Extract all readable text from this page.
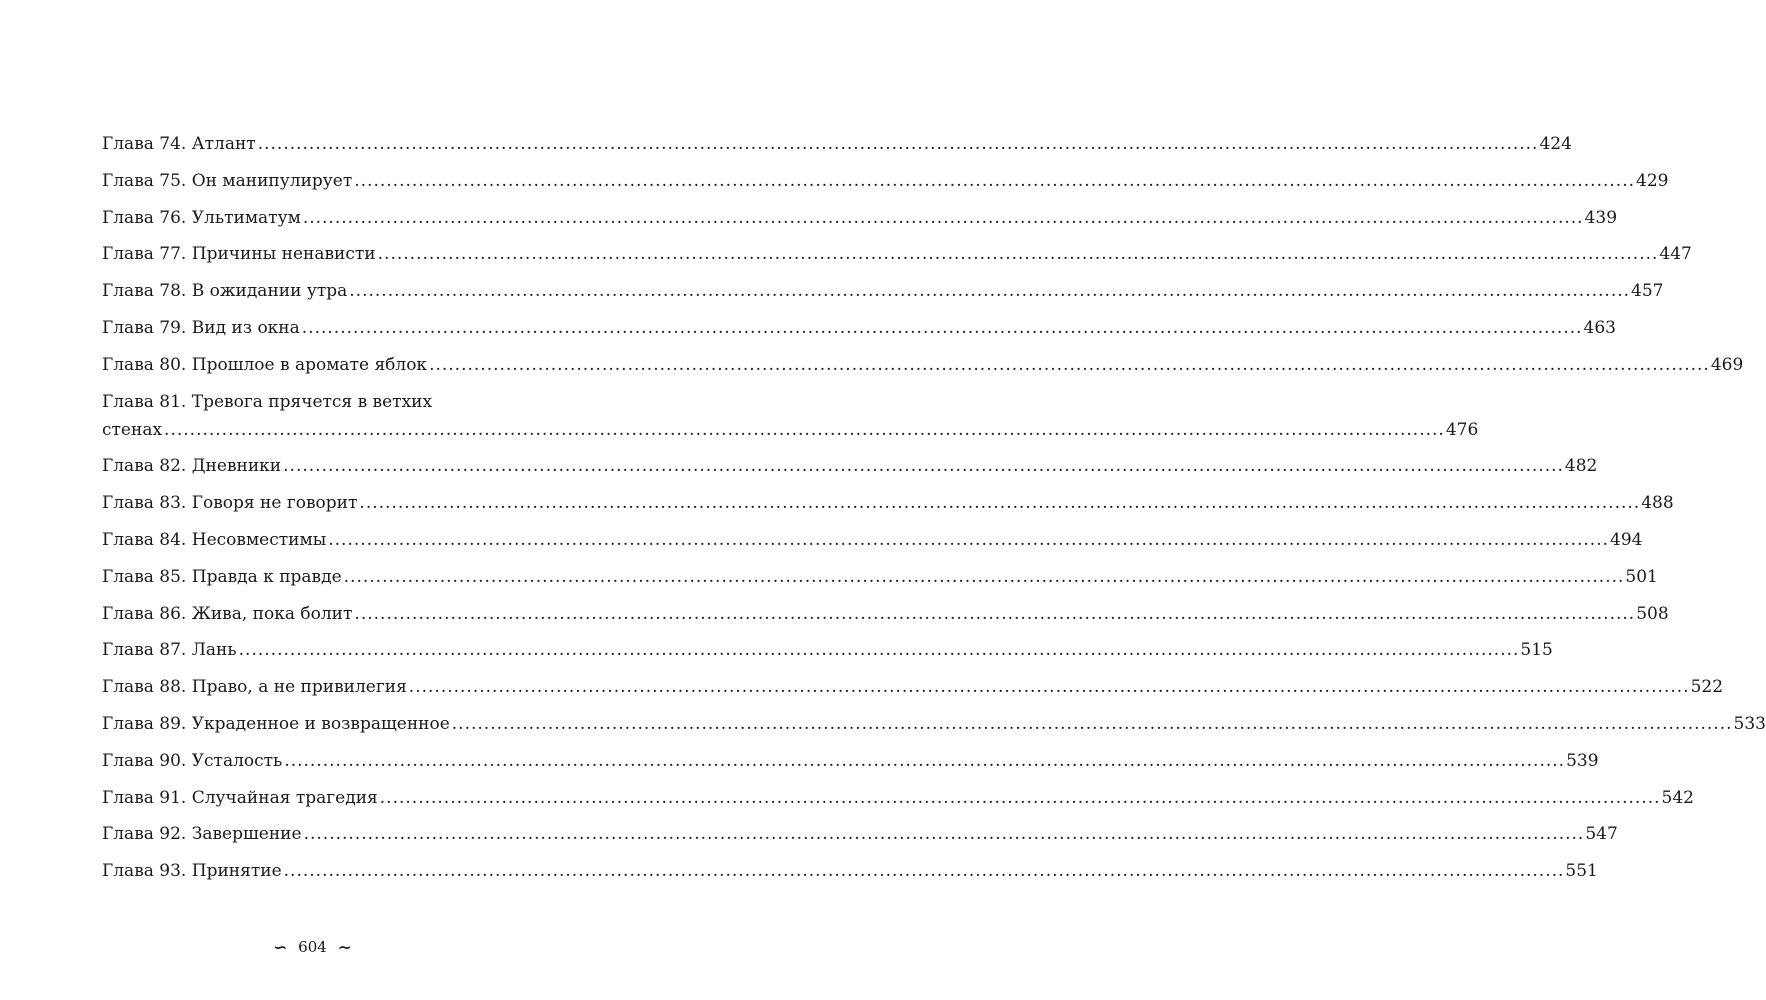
Глава 74. Атлант ........................................................................................................................................................................................................ 424
Глава 75. Он манипулирует ........................................................................................................................................................................................................ 429
Глава 76. Ультиматум ........................................................................................................................................................................................................ 439
Глава 77. Причины ненависти ........................................................................................................................................................................................................ 447
Глава 78. В ожидании утра ........................................................................................................................................................................................................ 457
Глава 79. Вид из окна ........................................................................................................................................................................................................ 463
Глава 80. Прошлое в аромате яблок ........................................................................................................................................................................................................ 469
Глава 81. Тревога прячется в ветхих
стенах ........................................................................................................................................................................................................ 476
Глава 82. Дневники ........................................................................................................................................................................................................ 482
Глава 83. Говоря не говорит ........................................................................................................................................................................................................ 488
Глава 84. Несовместимы ........................................................................................................................................................................................................ 494
Глава 85. Правда к правде ........................................................................................................................................................................................................ 501
Глава 86. Жива, пока болит ........................................................................................................................................................................................................ 508
Глава 87. Лань ........................................................................................................................................................................................................ 515
Глава 88. Право, а не привилегия ........................................................................................................................................................................................................ 522
Глава 89. Украденное и возвращенное ........................................................................................................................................................................................................ 533
Глава 90. Усталость ........................................................................................................................................................................................................ 539
Глава 91. Случайная трагедия ........................................................................................................................................................................................................ 542
Глава 92. Завершение ........................................................................................................................................................................................................ 547
Глава 93. Принятие ........................................................................................................................................................................................................ 551
∽ 604 ∼
